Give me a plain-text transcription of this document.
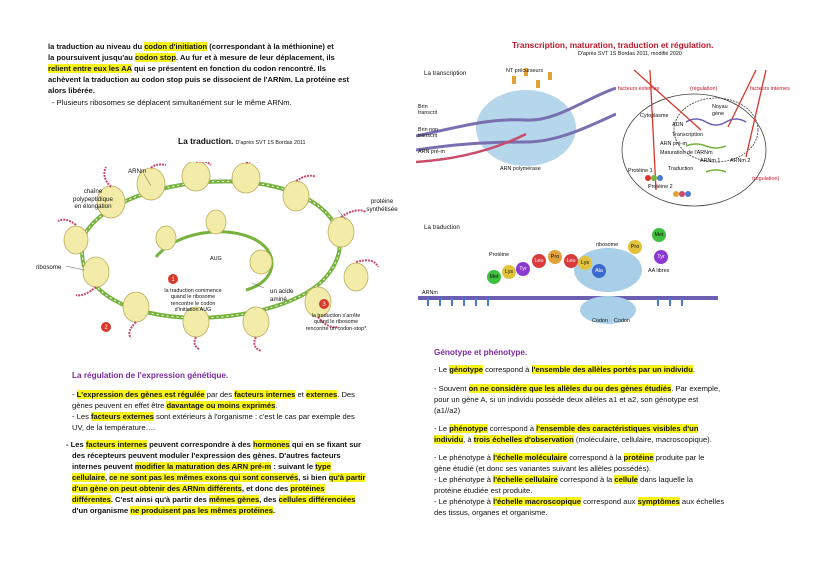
la traduction au niveau du codon d'initiation (correspondant à la méthionine) et
la poursuivent jusqu'au codon stop. Au fur et à mesure de leur déplacement, ils
relient entre eux les AA qui se présentent en fonction du codon rencontré. Ils
achèvent la traduction au codon stop puis se dissocient de l'ARNm. La protéine est
alors libérée.
- Plusieurs ribosomes se déplacent simultanément sur le même ARNm.
La traduction. D'après SVT 1S Bordas 2011
1
2
3
ARNm
chaîne
polypeptidique
en élongation
protéine
synthétisée
ribosome
AUG
un acide
aminé
la traduction commence
quand le ribosome
rencontre le codon
d'initiation AUG
la traduction s'arrête
quand le ribosome
rencontre un codon-stop*
La régulation de l'expression génétique.
- L'expression des gènes est régulée par des facteurs internes et externes. Des
gènes peuvent en effet être davantage ou moins exprimés.
- Les facteurs externes sont extérieurs à l'organisme : c'est le cas par exemple des
UV, de la température….
- Les facteurs internes peuvent correspondre à des hormones qui en se fixant sur
des récepteurs peuvent moduler l'expression des gènes. D'autres facteurs
internes peuvent modifier la maturation des ARN pré-m : suivant le type
cellulaire, ce ne sont pas les mêmes exons qui sont conservés, si bien qu'à partir
d'un gène on peut obtenir des ARNm différents, et donc des protéines
différentes. C'est ainsi qu'à partir des mêmes gènes, des cellules différenciées
d'un organisme ne produisent pas les mêmes protéines.
Transcription, maturation, traduction et régulation.
D'après SVT 1S Bordas 2011, modifié 2020
La transcription	NT précurseurs
Brin
transcrit
Brin non
transcrit
ARN pré-m
ARN polymérase
facteurs externes	(régulation)	facteurs internes
Cytoplasme
Noyau
gène
ADN
Transcription
ARN pré-m
Maturation de l'ARNm
ARNm 1 ARNm 2
Traduction
Protéine 1
Protéine 2
(régulation)
La traduction
Protéine
ribosome
AA libres
ARNm
Codon Codon
Met
Lys	Tyr
Leu
Pro
Leu Lys
Ala
Pro
Met
Tyr
Génotype et phénotype.
- Le génotype correspond à l'ensemble des allèles portés par un individu.
- Souvent on ne considère que les allèles du ou des gènes étudiés. Par exemple,
pour un gène A, si un individu possède deux allèles a1 et a2, son génotype est
(a1//a2)
- Le phénotype correspond à l'ensemble des caractéristiques visibles d'un
individu, à trois échelles d'observation (moléculaire, cellulaire, macroscopique).
- Le phénotype à l'échelle moléculaire correspond à la protéine produite par le
gène étudié (et donc ses variantes suivant les allèles possédés).
- Le phénotype à l'échelle cellulaire correspond à la cellule dans laquelle la
protéine étudiée est produite.
- Le phénotype à l'échelle macroscopique correspond aux symptômes aux échelles
des tissus, organes et organisme.
